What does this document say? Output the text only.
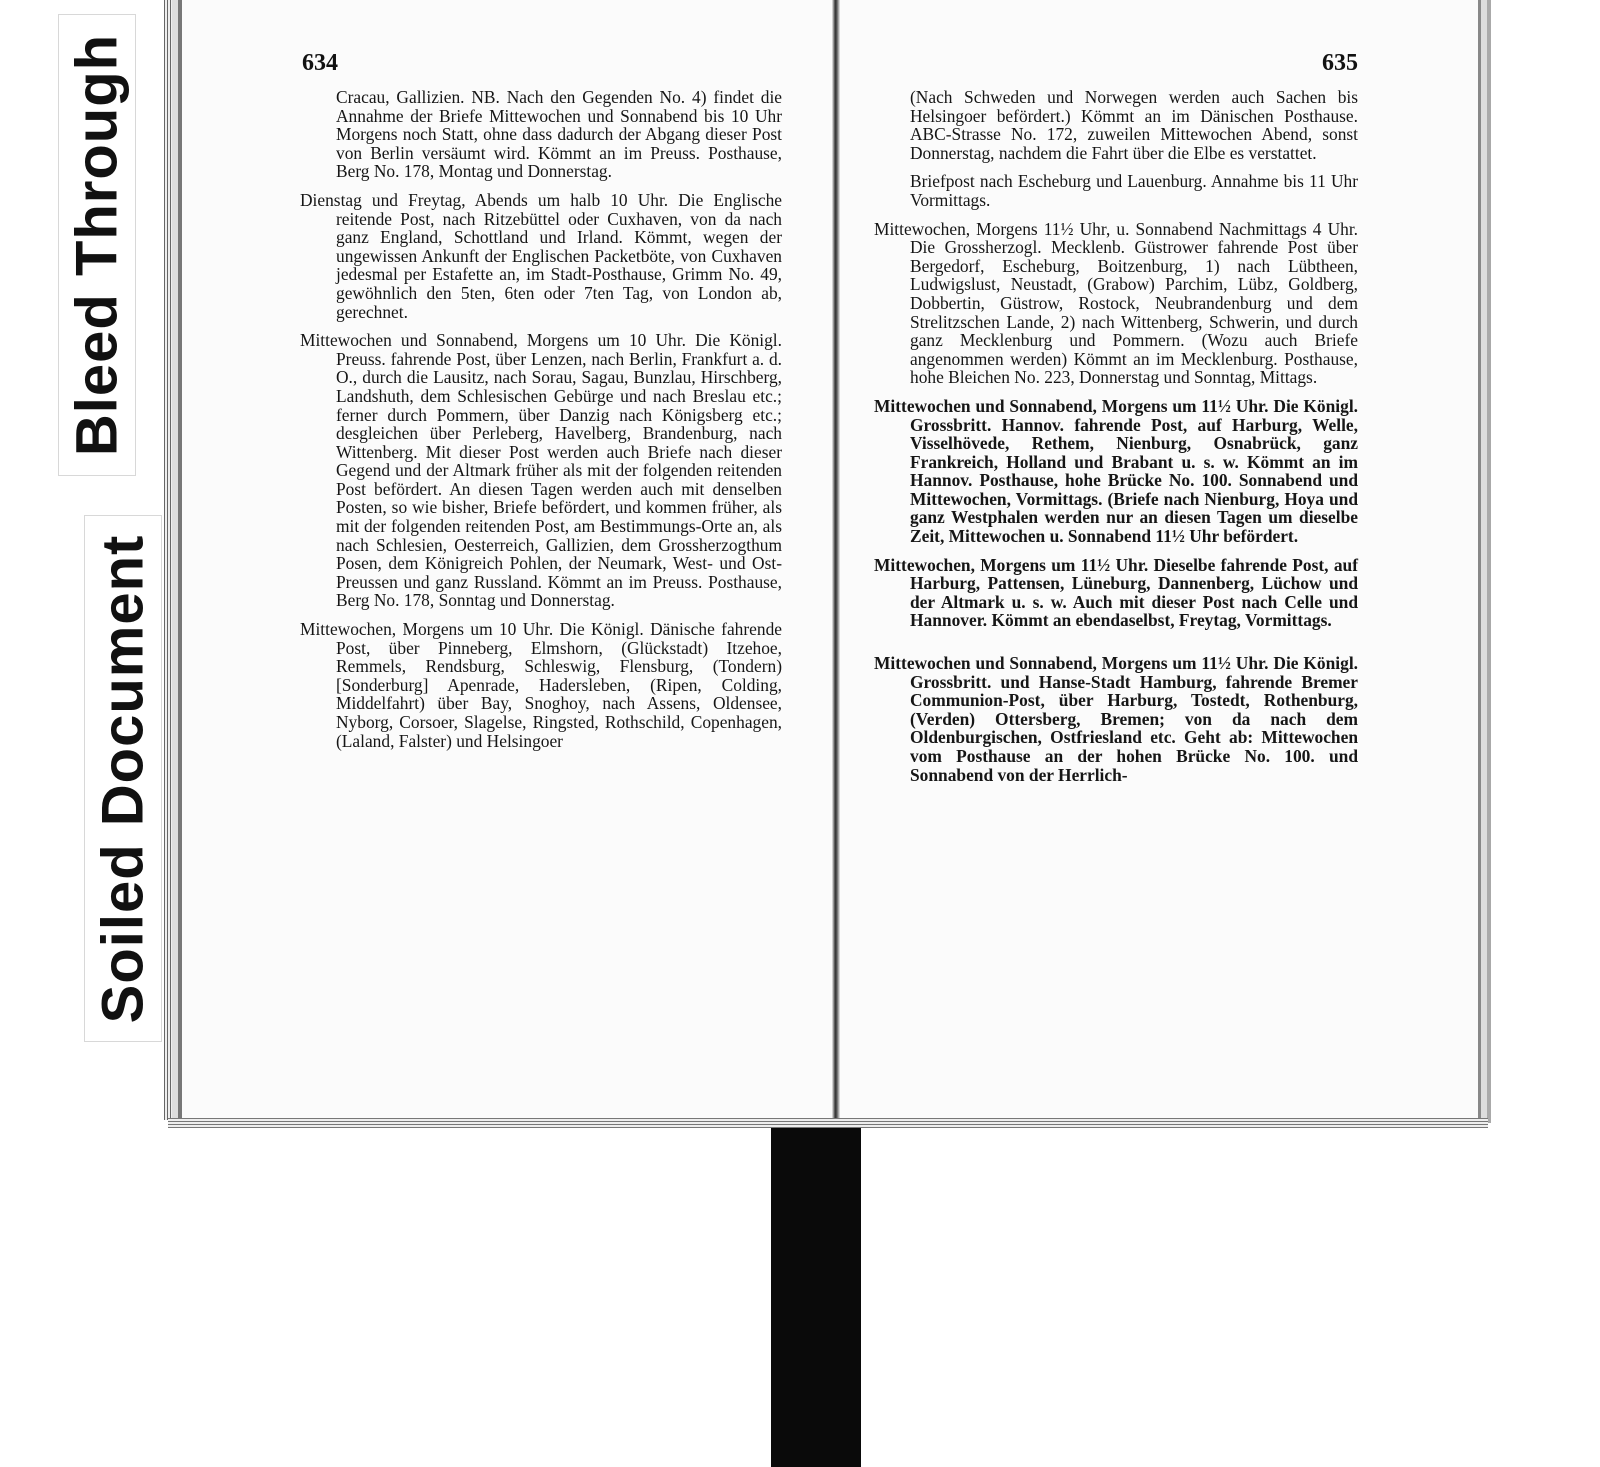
Bleed Through
Soiled Document
634

Cracau, Gallizien. NB. Nach den Gegenden No. 4) findet die Annahme der Briefe Mittewochen und Sonnabend bis 10 Uhr Morgens noch Statt, ohne dass dadurch der Abgang dieser Post von Berlin versäumt wird. Kömmt an im Preuss. Posthause, Berg No. 178, Montag und Donnerstag.

Dienstag und Freytag, Abends um halb 10 Uhr. Die Englische reitende Post, nach Ritzebüttel oder Cuxhaven, von da nach ganz England, Schottland und Irland. Kömmt, wegen der ungewissen Ankunft der Englischen Packetböte, von Cuxhaven jedesmal per Estafette an, im Stadt-Posthause, Grimm No. 49, gewöhnlich den 5ten, 6ten oder 7ten Tag, von London ab, gerechnet.

Mittewochen und Sonnabend, Morgens um 10 Uhr. Die Königl. Preuss. fahrende Post, über Lenzen, nach Berlin, Frankfurt a. d. O., durch die Lausitz, nach Sorau, Sagau, Bunzlau, Hirschberg, Landshuth, dem Schlesischen Gebürge und nach Breslau etc.; ferner durch Pommern, über Danzig nach Königsberg etc.; desgleichen über Perleberg, Havelberg, Brandenburg, nach Wittenberg. Mit dieser Post werden auch Briefe nach dieser Gegend und der Altmark früher als mit der folgenden reitenden Post befördert. An diesen Tagen werden auch mit denselben Posten, so wie bisher, Briefe befördert, und kommen früher, als mit der folgenden reitenden Post, am Bestimmungs-Orte an, als nach Schlesien, Oesterreich, Gallizien, dem Grossherzogthum Posen, dem Königreich Pohlen, der Neumark, West- und Ost-Preussen und ganz Russland. Kömmt an im Preuss. Posthause, Berg No. 178, Sonntag und Donnerstag.

Mittewochen, Morgens um 10 Uhr. Die Königl. Dänische fahrende Post, über Pinneberg, Elmshorn, (Glückstadt) Itzehoe, Remmels, Rendsburg, Schleswig, Flensburg, (Tondern) [Sonderburg] Apenrade, Hadersleben, (Ripen, Colding, Middelfahrt) über Bay, Snoghoy, nach Assens, Oldensee, Nyborg, Corsoer, Slagelse, Ringsted, Rothschild, Copenhagen, (Laland, Falster) und Helsingoer

635

(Nach Schweden und Norwegen werden auch Sachen bis Helsingoer befördert.) Kömmt an im Dänischen Posthause. ABC-Strasse No. 172, zuweilen Mittewochen Abend, sonst Donnerstag, nachdem die Fahrt über die Elbe es verstattet.

Briefpost nach Escheburg und Lauenburg. Annahme bis 11 Uhr Vormittags.

Mittewochen, Morgens 11½ Uhr, u. Sonnabend Nachmittags 4 Uhr. Die Grossherzogl. Mecklenb. Güstrower fahrende Post über Bergedorf, Escheburg, Boitzenburg, 1) nach Lübtheen, Ludwigslust, Neustadt, (Grabow) Parchim, Lübz, Goldberg, Dobbertin, Güstrow, Rostock, Neubrandenburg und dem Strelitzschen Lande, 2) nach Wittenberg, Schwerin, und durch ganz Mecklenburg und Pommern. (Wozu auch Briefe angenommen werden) Kömmt an im Mecklenburg. Posthause, hohe Bleichen No. 223, Donnerstag und Sonntag, Mittags.

Mittewochen und Sonnabend, Morgens um 11½ Uhr. Die Königl. Grossbritt. Hannov. fahrende Post, auf Harburg, Welle, Visselhövede, Rethem, Nienburg, Osnabrück, ganz Frankreich, Holland und Brabant u. s. w. Kömmt an im Hannov. Posthause, hohe Brücke No. 100. Sonnabend und Mittewochen, Vormittags. (Briefe nach Nienburg, Hoya und ganz Westphalen werden nur an diesen Tagen um dieselbe Zeit, Mittewochen u. Sonnabend 11½ Uhr befördert.

Mittewochen, Morgens um 11½ Uhr. Dieselbe fahrende Post, auf Harburg, Pattensen, Lüneburg, Dannenberg, Lüchow und der Altmark u. s. w. Auch mit dieser Post nach Celle und Hannover. Kömmt an ebendaselbst, Freytag, Vormittags.

Mittewochen und Sonnabend, Morgens um 11½ Uhr. Die Königl. Grossbritt. und Hanse-Stadt Hamburg, fahrende Bremer Communion-Post, über Harburg, Tostedt, Rothenburg, (Verden) Ottersberg, Bremen; von da nach dem Oldenburgischen, Ostfriesland etc. Geht ab: Mittewochen vom Posthause an der hohen Brücke No. 100. und Sonnabend von der Herrlich-
